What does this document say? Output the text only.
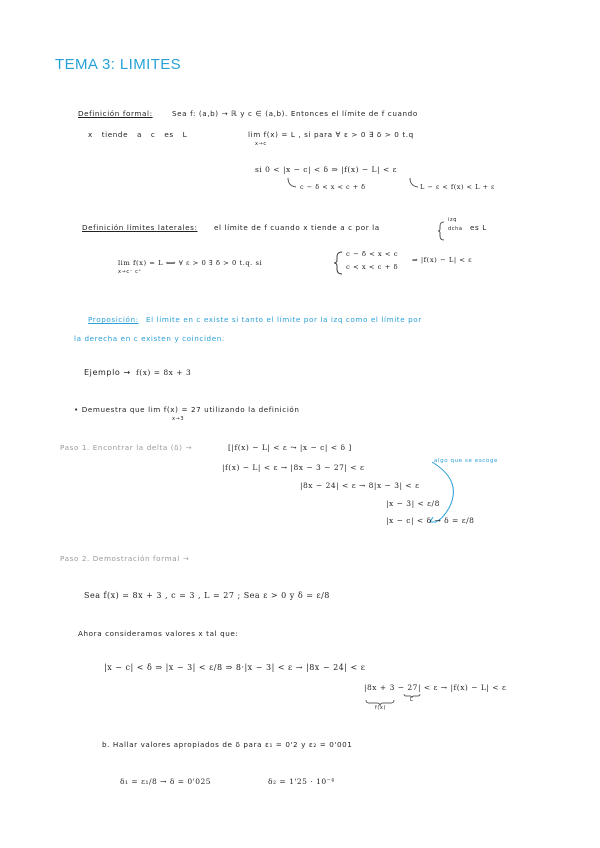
TEMA 3: LIMITES
Definición formal:	Sea f: (a,b) → ℝ y c ∈ (a,b). Entonces el límite de f cuando
x tiende a c es L	lim f(x) = L , si para ∀ ε > 0 ∃ δ > 0 t.q
x→c
si 0 < |x − c| < δ ⇒ |f(x) − L| < ε
c − δ < x < c + δ	L − ε < f(x) < L + ε
Definición límites laterales: el límite de f cuando x tiende a c por la
izq
dcha es L
lim f(x) = L ⟺ ∀ ε > 0 ∃ δ > 0 t.q. si
x→c⁻ c⁺
c − δ < x < c
c < x < c + δ
⇒ |f(x) − L| < ε
Proposición: El límite en c existe si tanto el límite por la izq como el límite por
la derecha en c existen y coinciden.
Ejemplo → f(x) = 8x + 3
• Demuestra que lim f(x) = 27 utilizando la definición
x→3
Paso 1. Encontrar la delta (δ) →	[|f(x) − L| < ε ⤳ |x − c| < δ ]
|f(x) − L| < ε → |8x − 3 − 27| < ε
|8x − 24| < ε → 8|x − 3| < ε
|x − 3| < ε/8
|x − c| < δ → δ = ε/8
algo que se escoge
Paso 2. Demostración formal →
Sea f(x) = 8x + 3 , c = 3 , L = 27 ; Sea ε > 0 y δ = ε/8
Ahora consideramos valores x tal que:
|x − c| < δ ⇒ |x − 3| < ε/8 ⇒ 8·|x − 3| < ε → |8x − 24| < ε
|8x + 3 − 27| < ε → |f(x) − L| < ε
f(x)
L
b. Hallar valores apropiados de δ para ε₁ = 0'2 y ε₂ = 0'001
δ₁ = ε₁/8 → δ = 0'025	δ₂ = 1'25 · 10⁻⁴
